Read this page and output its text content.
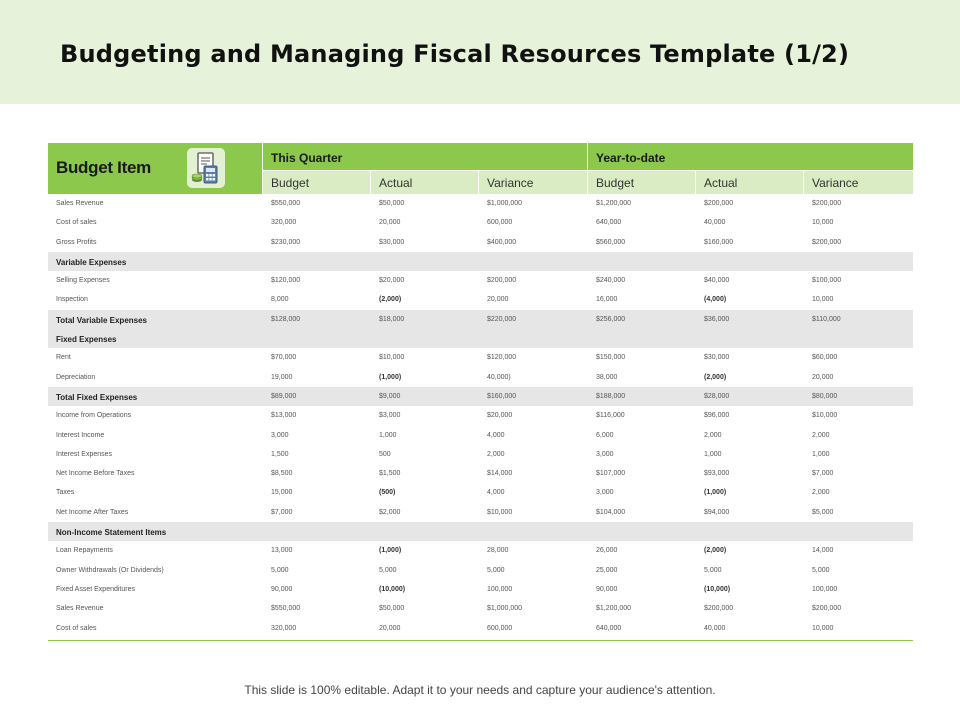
Budgeting and Managing Fiscal Resources Template (1/2)
Budget Item	This Quarter	Year-to-date
Budget	Actual	Variance	Budget	Actual	Variance
Sales Revenue	$550,000	$50,000	$1,000,000	$1,200,000	$200,000	$200,000
Cost of sales	320,000	20,000	600,000	640,000	40,000	10,000
Gross Profits	$230,000	$30,000	$400,000	$560,000	$160,000	$200,000
Variable Expenses
Selling Expenses	$120,000	$20,000	$200,000	$240,000	$40,000	$100,000
Inspection	8,000	(2,000)	20,000	16,000	(4,000)	10,000
Total Variable Expenses	$128,000	$18,000	$220,000	$256,000	$36,000	$110,000
Fixed Expenses
Rent	$70,000	$10,000	$120,000	$150,000	$30,000	$60,000
Depreciation	19,000	(1,000)	40,000)	38,000	(2,000)	20,000
Total Fixed Expenses	$89,000	$9,000	$160,000	$188,000	$28,000	$80,000
Income from Operations	$13,000	$3,000	$20,000	$116,000	$96,000	$10,000
Interest Income	3,000	1,000	4,000	6,000	2,000	2,000
Interest Expenses	1,500	500	2,000	3,000	1,000	1,000
Net Income Before Taxes	$8,500	$1,500	$14,000	$107,000	$93,000	$7,000
Taxes	15,000	(500)	4,000	3,000	(1,000)	2,000
Net Income After Taxes	$7,000	$2,000	$10,000	$104,000	$94,000	$5,000
Non-Income Statement Items
Loan Repayments	13,000	(1,000)	28,000	26,000	(2,000)	14,000
Owner Withdrawals (Or Dividends)	5,000	5,000	5,000	25,000	5,000	5,000
Fixed Asset Expenditures	90,000	(10,000)	100,000	90,000	(10,000)	100,000
Sales Revenue	$550,000	$50,000	$1,000,000	$1,200,000	$200,000	$200,000
Cost of sales	320,000	20,000	600,000	640,000	40,000	10,000
This slide is 100% editable. Adapt it to your needs and capture your audience's attention.
